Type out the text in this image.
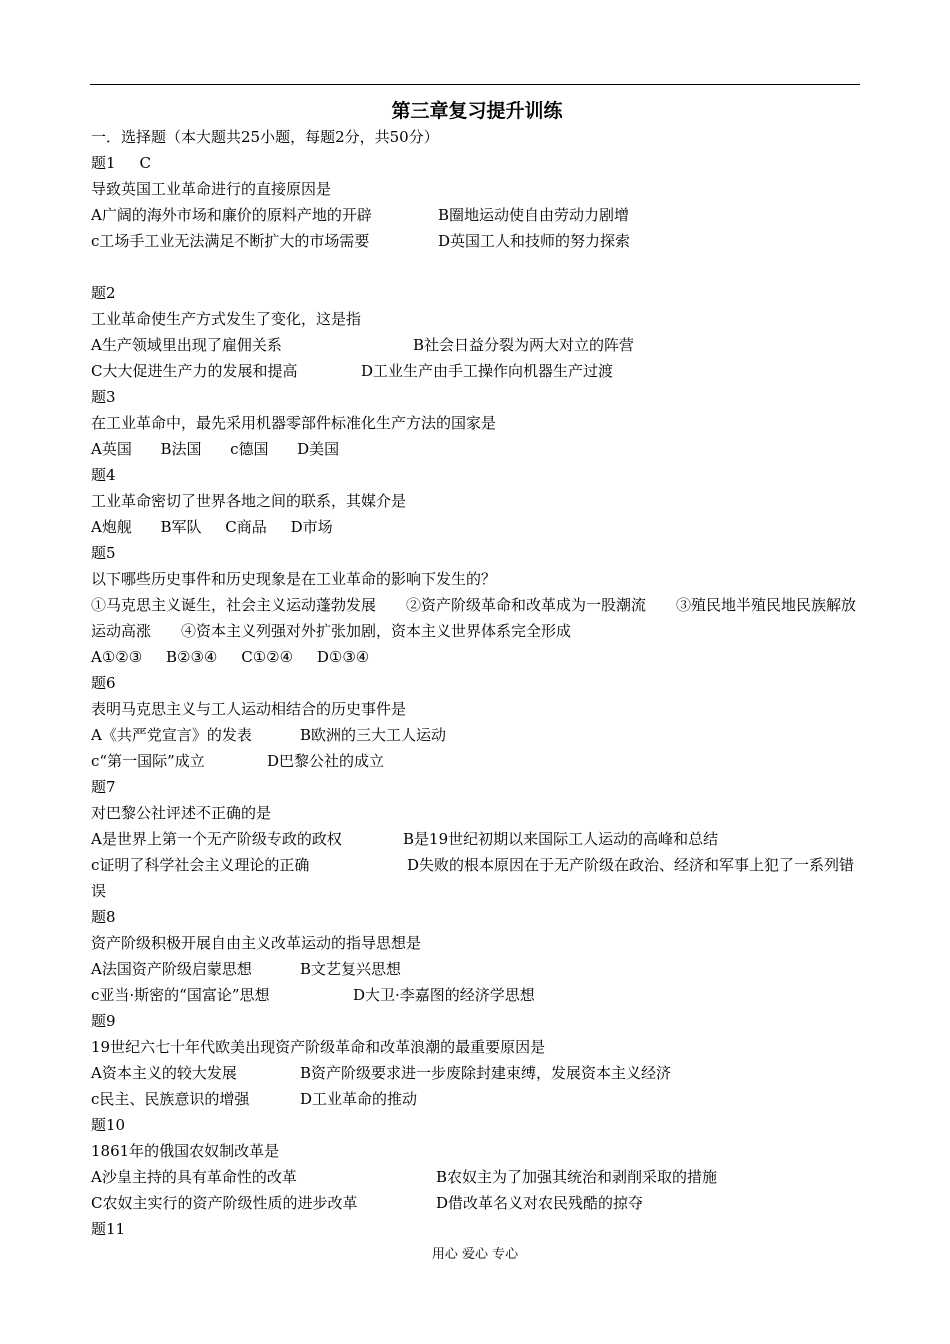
第三章复习提升训练
一．选择题（本大题共25小题，每题2分，共50分）
题1 C
导致英国工业革命进行的直接原因是
A广阔的海外市场和廉价的原料产地的开辟	B圈地运动使自由劳动力剧增
c工场手工业无法满足不断扩大的市场需要	D英国工人和技师的努力探索
题2
工业革命使生产方式发生了变化，这是指
A生产领域里出现了雇佣关系	B社会日益分裂为两大对立的阵营
C大大促进生产力的发展和提高	D工业生产由手工操作向机器生产过渡
题3
在工业革命中，最先采用机器零部件标准化生产方法的国家是
A英国      B法国      c德国      D美国
题4
工业革命密切了世界各地之间的联系，其媒介是
A炮舰      B军队     C商品     D市场
题5
以下哪些历史事件和历史现象是在工业革命的影响下发生的？
①马克思主义诞生，社会主义运动蓬勃发展　　②资产阶级革命和改革成为一股潮流　　③殖民地半殖民地民族解放运动高涨　　④资本主义列强对外扩张加剧，资本主义世界体系完全形成
A①②③     B②③④     C①②④     D①③④
题6
表明马克思主义与工人运动相结合的历史事件是
A《共严党宣言》的发表	B欧洲的三大工人运动
c“第一国际”成立	D巴黎公社的成立
题7
对巴黎公社评述不正确的是
A是世界上第一个无产阶级专政的政权	B是19世纪初期以来国际工人运动的高峰和总结
c证明了科学社会主义理论的正确	D失败的根本原因在于无产阶级在政治、经济和军事上犯了一系列错误
题8
资产阶级积极开展自由主义改革运动的指导思想是
A法国资产阶级启蒙思想	B文艺复兴思想
c亚当·斯密的“国富论”思想	D大卫·李嘉图的经济学思想
题9
19世纪六七十年代欧美出现资产阶级革命和改革浪潮的最重要原因是
A资本主义的较大发展	B资产阶级要求进一步废除封建束缚，发展资本主义经济
c民主、民族意识的增强	D工业革命的推动
题10
1861年的俄国农奴制改革是
A沙皇主持的具有革命性的改革	B农奴主为了加强其统治和剥削采取的措施
C农奴主实行的资产阶级性质的进步改革	D借改革名义对农民残酷的掠夺
题11
用心 爱心 专心
